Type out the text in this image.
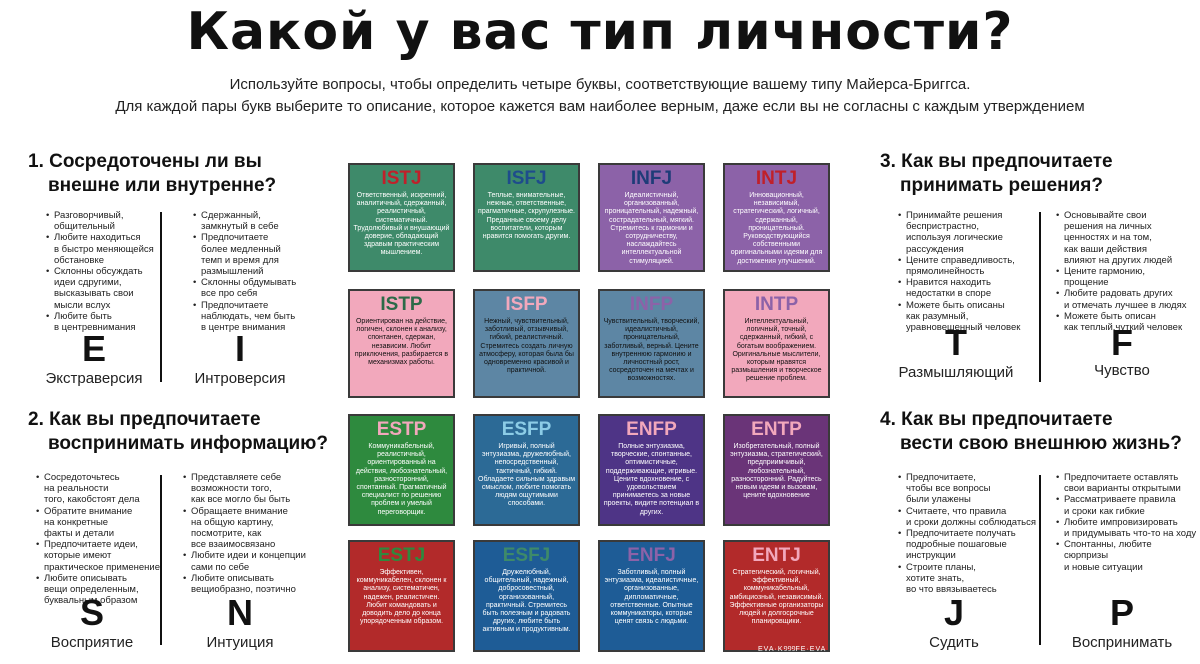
Какой у вас тип личности?
Используйте вопросы, чтобы определить четыре буквы, соответствующие вашему типу Майерса-Бриггса.
Для каждой пары букв выберите то описание, которое кажется вам наиболее верным, даже если вы не согласны с каждым утверждением
1. Сосредоточены ли вы
внешне или внутренне?
• Разговорчивый,
общительный
• Любите находиться
в быстро меняющейся
обстановке
• Склонны обсуждать
идеи сдругими,
высказывать свои
мысли вслух
• Любите быть
в центревнимания
• Сдержанный,
замкнутый в себе
• Предпочитаете
более медленный
темп и время для
размышлений
• Склонны обдумывать
все про себя
• Предпочитаете
наблюдать, чем быть
в центре внимания
E
Экстраверсия
I
Интроверсия
2. Как вы предпочитаете
воспринимать информацию?
• Сосредоточьтесь
на реальности
того, какобстоят дела
• Обратите внимание
на конкретные
факты и детали
• Предпочитаете идеи,
которые имеют
практическое применение
• Любите описывать
вещи определенным,
буквальным образом
• Представляете себе
возможности того,
как все могло бы быть
• Обращаете внимание
на общую картину,
посмотрите, как
все взаимосвязано
• Любите идеи и концепции
сами по себе
• Любите описывать
вещиобразно, поэтично
S
Восприятие
N
Интуиция
3. Как вы предпочитаете
принимать решения?
• Принимайте решения
беспристрастно,
используя логические
рассуждения
• Цените справедливость,
прямолинейность
• Нравится находить
недостатки в споре
• Можете быть описаны
как разумный,
уравновешенный человек
• Основывайте свои
решения на личных
ценностях и на том,
как ваши действия
влияют на других людей
• Цените гармонию,
прощение
• Любите радовать других
и отмечать лучшее в людях
• Можете быть описан
как теплый,чуткий человек
T
Размышляющий
F
Чувство
4. Как вы предпочитаете
вести свою внешнюю жизнь?
• Предпочитаете,
чтобы все вопросы
были улажены
• Считаете, что правила
и сроки должны соблюдаться
• Предпочитаете получать
подробные пошаговые
инструкции
• Строите планы,
хотите знать,
во что ввязываетесь
• Предпочитаете оставлять
свои варианты открытыми
• Рассматриваете правила
и сроки как гибкие
• Любите импровизировать
и придумывать что-то на ходу
• Спонтанны, любите сюрпризы
и новые ситуации
J
Судить
P
Воспринимать
ISTJ
Ответственный, искренний, аналитичный, сдержанный, реалистичный, систематичный. Трудолюбивый и внушающий доверие, обладающий здравым практическим мышлением.
ISFJ
Теплые, внимательные, нежные, ответственные, прагматичные, скрупулезные. Преданные своему делу воспитатели, которым нравится помогать другим.
INFJ
Идеалистичный, организованный, проницательный, надежный, сострадательный, мягкий. Стремитесь к гармонии и сотрудничеству, наслаждайтесь интеллектуальной стимуляцией.
INTJ
Инновационный, независимый, стратегический, логичный, сдержанный, проницательный. Руководствующийся собственными оригинальными идеями для достижения улучшений.
ISTP
Ориентирован на действие, логичен, склонен к анализу, спонтанен, сдержан, независим. Любит приключения, разбирается в механизмах работы.
ISFP
Нежный, чувствительный, заботливый, отзывчивый, гибкий, реалистичный. Стремитесь создать личную атмосферу, которая была бы одновременно красивой и практичной.
INFP
Чувствительный, творческий, идеалистичный, проницательный, заботливый, верный. Цените внутреннюю гармонию и личностный рост, сосредоточен на мечтах и возможностях.
INTP
Интеллектуальный, логичный, точный, сдержанный, гибкий, с богатым воображением. Оригинальные мыслители, которым нравятся размышления и творческое решение проблем.
ESTP
Коммуникабельный, реалистичный, ориентированный на действия, любознательный, разносторонний, спонтанный. Прагматичный специалист по решению проблем и умелый переговорщик.
ESFP
Игривый, полный энтузиазма, дружелюбный, непосредственный, тактичный, гибкий. Обладаете сильным здравым смыслом, любите помогать людям ощутимыми способами.
ENFP
Полные энтузиазма, творческие, спонтанные, оптимистичные, поддерживающие, игривые. Цените вдохновение, с удовольствием принимаетесь за новые проекты, видите потенциал в других.
ENTP
Изобретательный, полный энтузиазма, стратегический, предприимчивый, любознательный, разносторонний. Радуйтесь новым идеям и вызовам, цените вдохновение
ESTJ
Эффективен, коммуникабелен, склонен к анализу, систематичен, надежен, реалистичен. Любит командовать и доводить дело до конца упорядоченным образом.
ESFJ
Дружелюбный, общительный, надежный, добросовестный, организованный, практичный. Стремитесь быть полезным и радовать других, любите быть активным и продуктивным.
ENFJ
Заботливый, полный энтузиазма, идеалистичные, организованные, дипломатичные, ответственные. Опытные коммуникаторы, которые ценят связь с людьми.
ENTJ
Стратегический, логичный, эффективный, коммуникабельный, амбициозный, независимый. Эффективные организаторы людей и долгосрочные планировщики.
EVA·K᠑᠑᠑FE·EVA
